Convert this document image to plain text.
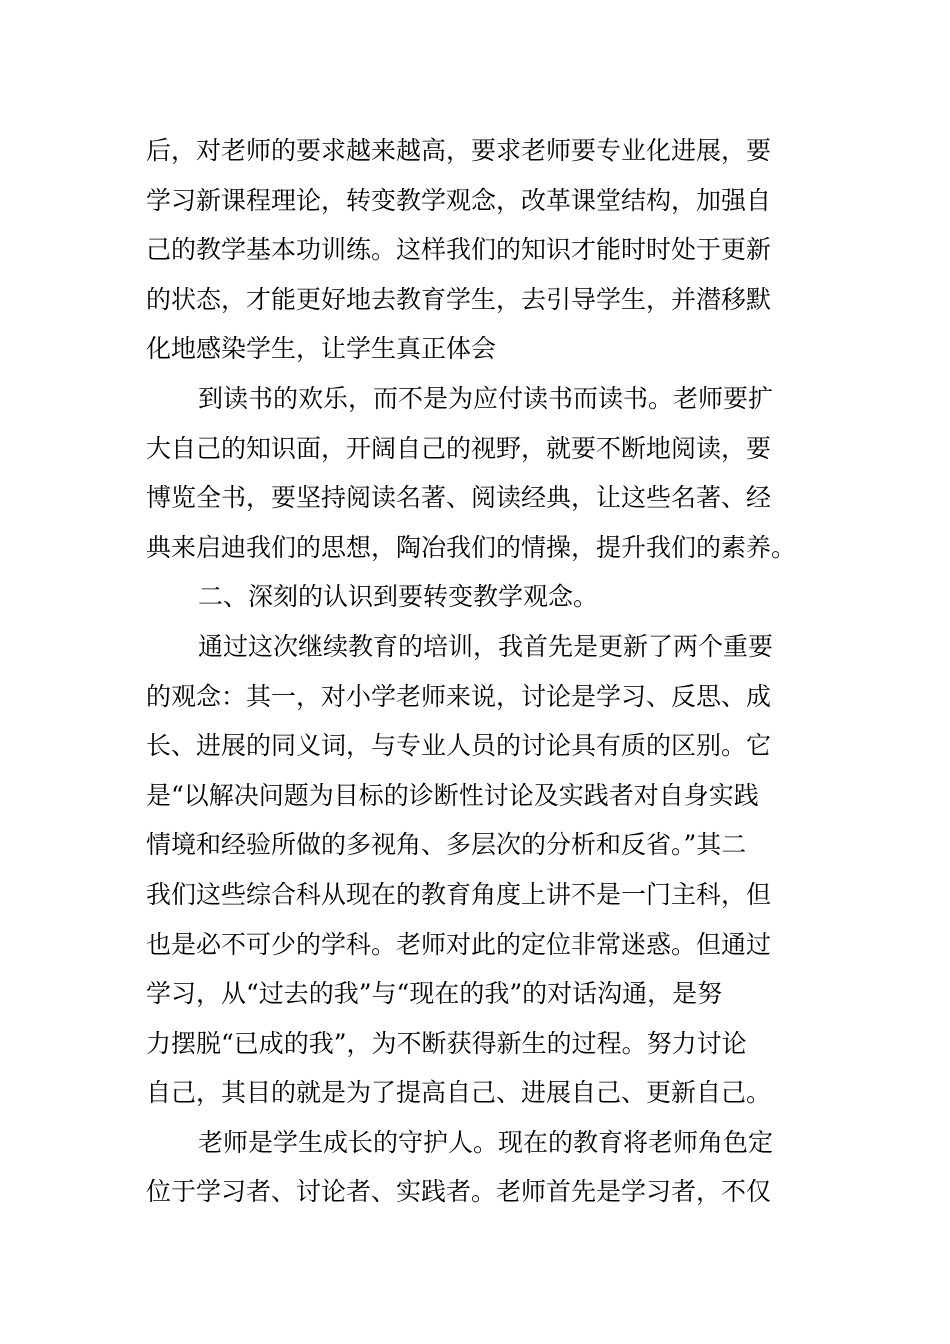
后，对老师的要求越来越高，要求老师要专业化进展，要
学习新课程理论，转变教学观念，改革课堂结构，加强自
己的教学基本功训练。这样我们的知识才能时时处于更新
的状态，才能更好地去教育学生，去引导学生，并潜移默
化地感染学生，让学生真正体会
到读书的欢乐，而不是为应付读书而读书。老师要扩
大自己的知识面，开阔自己的视野，就要不断地阅读，要
博览全书，要坚持阅读名著、阅读经典，让这些名著、经
典来启迪我们的思想，陶冶我们的情操，提升我们的素养。
二、深刻的认识到要转变教学观念。
通过这次继续教育的培训，我首先是更新了两个重要
的观念：其一，对小学老师来说，讨论是学习、反思、成
长、进展的同义词，与专业人员的讨论具有质的区别。它
是“以解决问题为目标的诊断性讨论及实践者对自身实践
情境和经验所做的多视角、多层次的分析和反省。”其二
我们这些综合科从现在的教育角度上讲不是一门主科，但
也是必不可少的学科。老师对此的定位非常迷惑。但通过
学习，从“过去的我”与“现在的我”的对话沟通，是努
力摆脱“已成的我”，为不断获得新生的过程。努力讨论
自己，其目的就是为了提高自己、进展自己、更新自己。
老师是学生成长的守护人。现在的教育将老师角色定
位于学习者、讨论者、实践者。老师首先是学习者，不仅
